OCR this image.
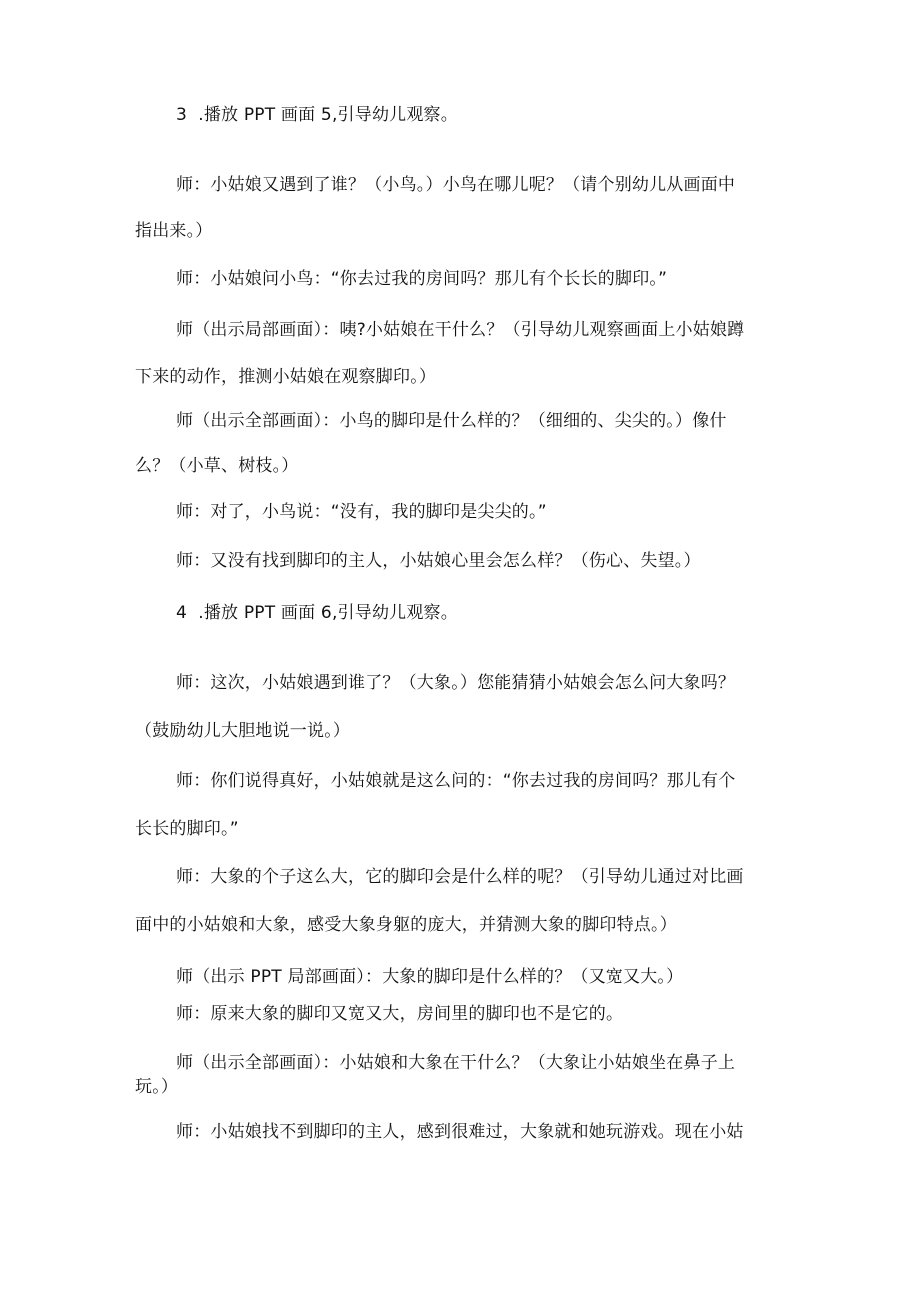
3  .播放 PPT 画面 5,引导幼儿观察。
师：小姑娘又遇到了谁？（小鸟。）小鸟在哪儿呢？（请个别幼儿从画面中
指出来。）
师：小姑娘问小鸟：“你去过我的房间吗？那儿有个长长的脚印。”
师（出示局部画面）：咦?小姑娘在干什么？（引导幼儿观察画面上小姑娘蹲
下来的动作，推测小姑娘在观察脚印。）
师（出示全部画面）：小鸟的脚印是什么样的？（细细的、尖尖的。）像什
么？（小草、树枝。）
师：对了，小鸟说：“没有，我的脚印是尖尖的。”
师：又没有找到脚印的主人，小姑娘心里会怎么样？（伤心、失望。）
4  .播放 PPT 画面 6,引导幼儿观察。
师：这次，小姑娘遇到谁了？（大象。）您能猜猜小姑娘会怎么问大象吗？
（鼓励幼儿大胆地说一说。）
师：你们说得真好，小姑娘就是这么问的：“你去过我的房间吗？那儿有个
长长的脚印。”
师：大象的个子这么大，它的脚印会是什么样的呢？（引导幼儿通过对比画
面中的小姑娘和大象，感受大象身躯的庞大，并猜测大象的脚印特点。）
师（出示 PPT 局部画面）：大象的脚印是什么样的？（又宽又大。）
师：原来大象的脚印又宽又大，房间里的脚印也不是它的。
师（出示全部画面）：小姑娘和大象在干什么？（大象让小姑娘坐在鼻子上
玩。）
师：小姑娘找不到脚印的主人，感到很难过，大象就和她玩游戏。现在小姑
